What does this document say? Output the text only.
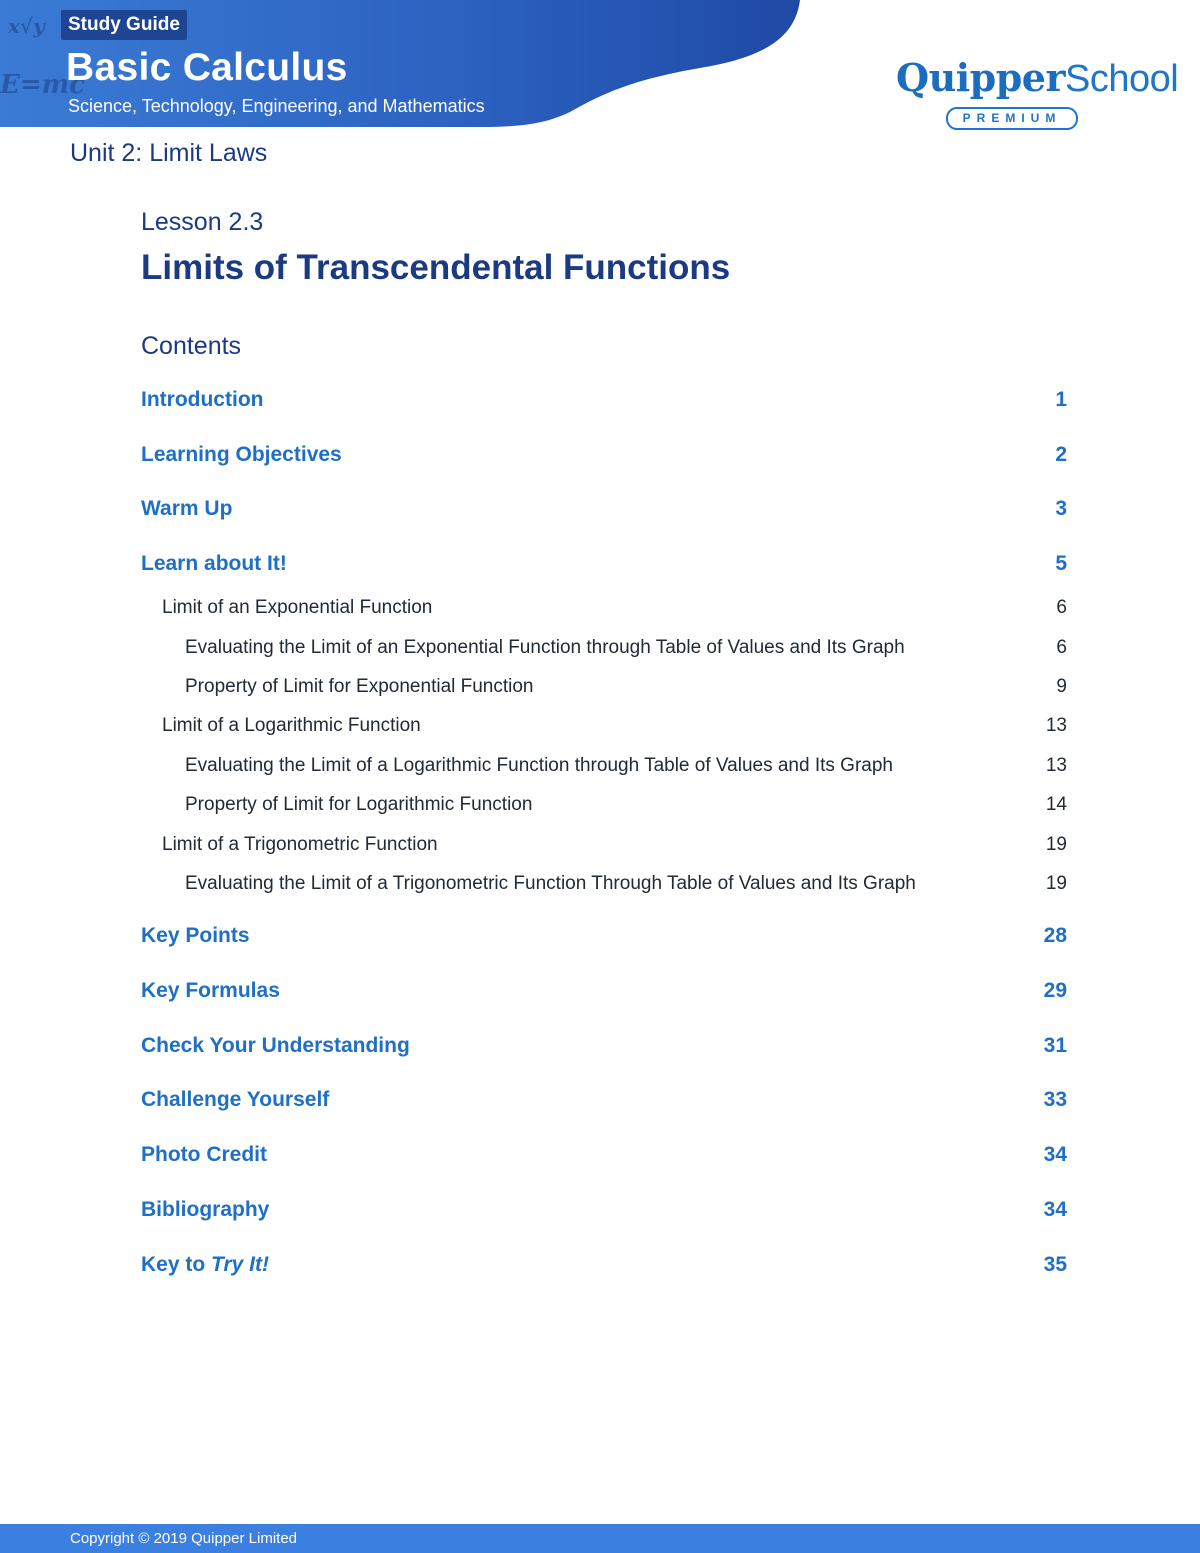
x√y
E=mc
Study Guide
Basic Calculus
Science, Technology, Engineering, and Mathematics
QuipperSchool
PREMIUM
Unit 2: Limit Laws
Lesson 2.3
Limits of Transcendental Functions
Contents
Introduction	1
Learning Objectives	2
Warm Up	3
Learn about It!	5
Limit of an Exponential Function	6
Evaluating the Limit of an Exponential Function through Table of Values and Its Graph	6
Property of Limit for Exponential Function	9
Limit of a Logarithmic Function	13
Evaluating the Limit of a Logarithmic Function through Table of Values and Its Graph	13
Property of Limit for Logarithmic Function	14
Limit of a Trigonometric Function	19
Evaluating the Limit of a Trigonometric Function Through Table of Values and Its Graph	19
Key Points	28
Key Formulas	29
Check Your Understanding	31
Challenge Yourself	33
Photo Credit	34
Bibliography	34
Key to Try It!	35
Copyright © 2019 Quipper Limited
